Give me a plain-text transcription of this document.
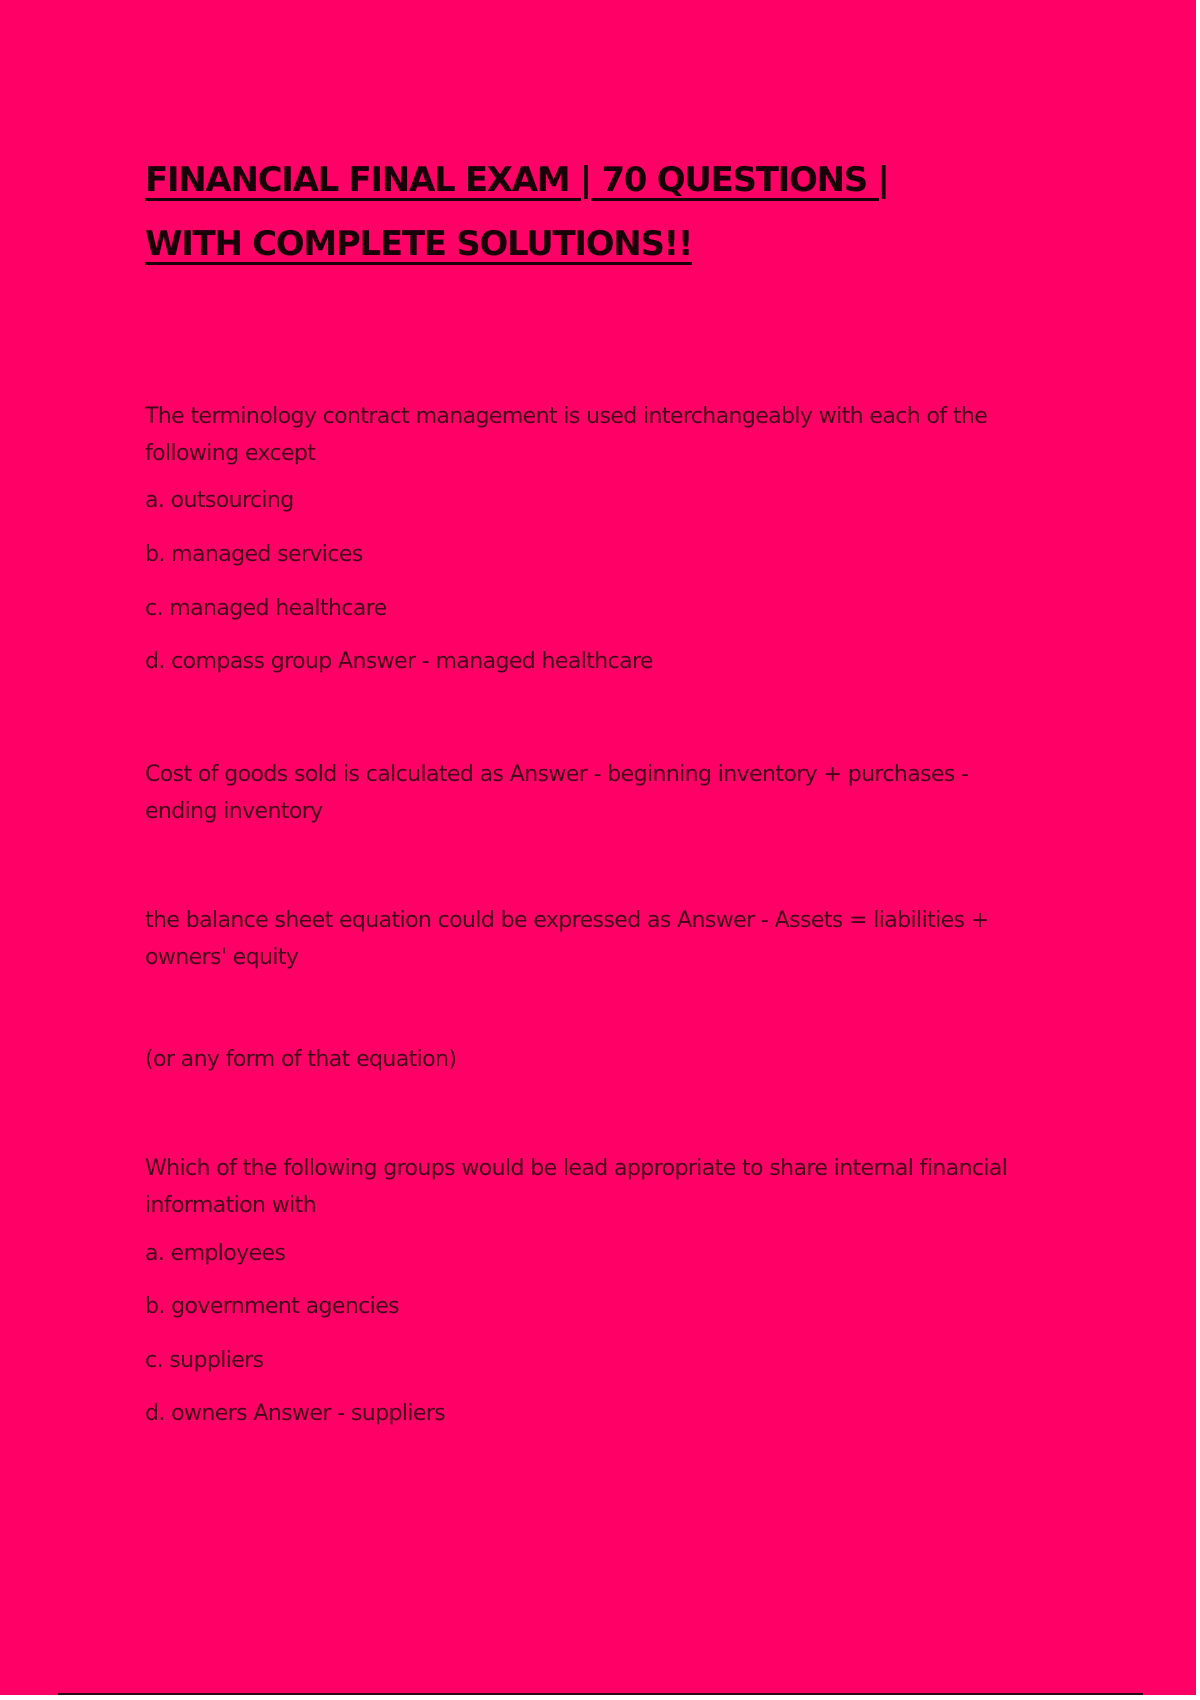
FINANCIAL FINAL EXAM | 70 QUESTIONS |
WITH COMPLETE SOLUTIONS!!

The terminology contract management is used interchangeably with each of the following except

a. outsourcing

b. managed services

c. managed healthcare

d. compass group Answer - managed healthcare

Cost of goods sold is calculated as Answer - beginning inventory + purchases - ending inventory

the balance sheet equation could be expressed as Answer - Assets = liabilities + owners' equity

(or any form of that equation)

Which of the following groups would be lead appropriate to share internal financial information with

a. employees

b. government agencies

c. suppliers

d. owners Answer - suppliers
